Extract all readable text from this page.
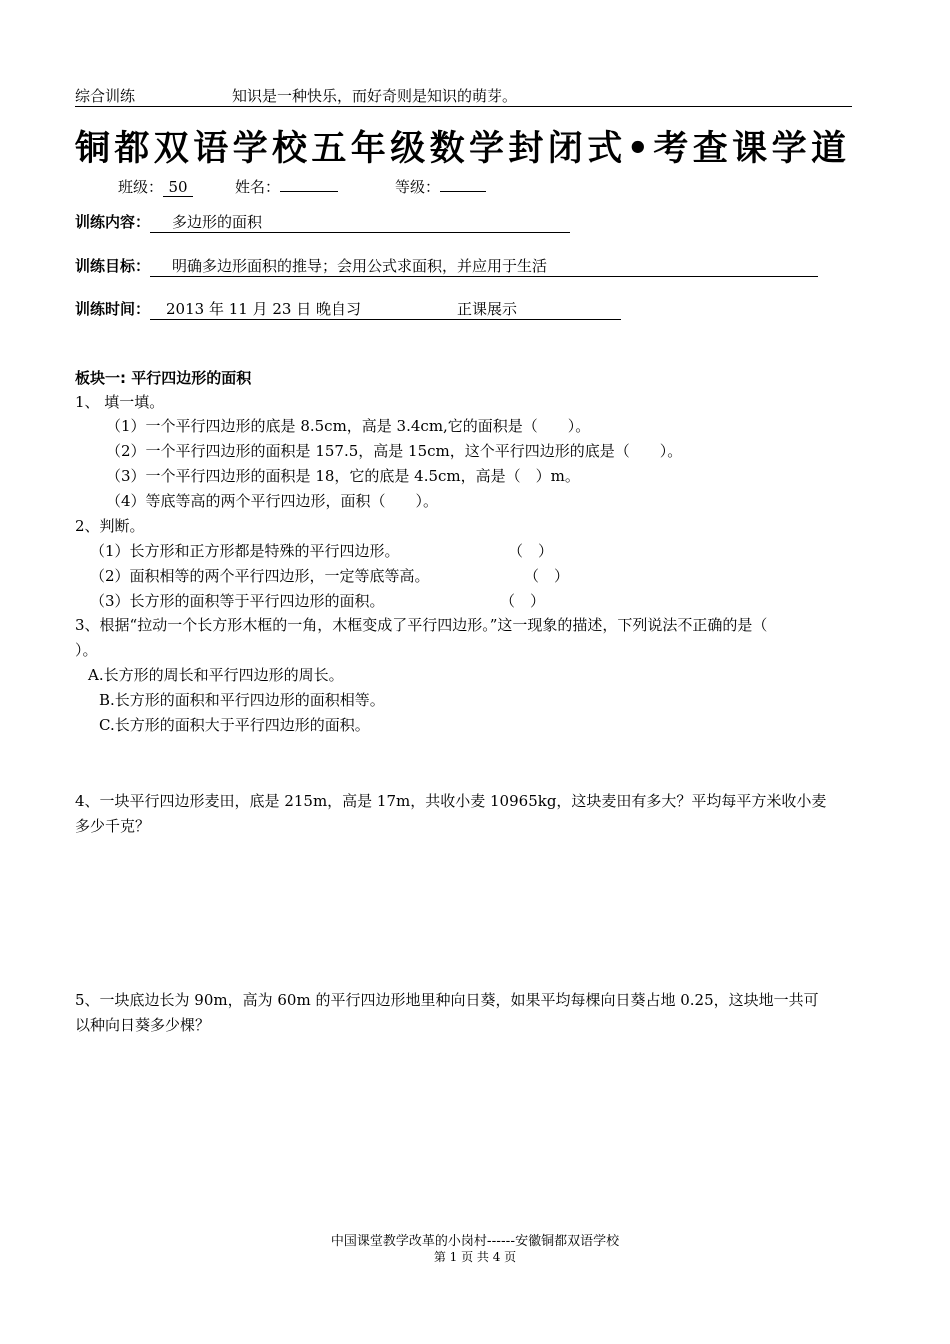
综合训练	知识是一种快乐，而好奇则是知识的萌芽。
铜都双语学校五年级数学封闭式•考查课学道
班级： 50	姓名：	等级：
训练内容： 多边形的面积
训练目标： 明确多边形面积的推导；会用公式求面积，并应用于生活
训练时间： 2013 年 11 月 23 日 晚自习	正课展示
板块一: 平行四边形的面积
1、 填一填。
（1）一个平行四边形的底是 8.5cm，高是 3.4cm,它的面积是（　　）。
（2）一个平行四边形的面积是 157.5，高是 15cm，这个平行四边形的底是（　　）。
（3）一个平行四边形的面积是 18，它的底是 4.5cm，高是（　）m。
（4）等底等高的两个平行四边形，面积（　　）。
2、判断。
（1）长方形和正方形都是特殊的平行四边形。	（　）
（2）面积相等的两个平行四边形，一定等底等高。	（　）
（3）长方形的面积等于平行四边形的面积。	（　）
3、根据“拉动一个长方形木框的一角，木框变成了平行四边形。”这一现象的描述，下列说法不正确的是（
）。
A.长方形的周长和平行四边形的周长。
B.长方形的面积和平行四边形的面积相等。
C.长方形的面积大于平行四边形的面积。
4、一块平行四边形麦田，底是 215m，高是 17m，共收小麦 10965kg，这块麦田有多大？平均每平方米收小麦
多少千克？
5、一块底边长为 90m，高为 60m 的平行四边形地里种向日葵，如果平均每棵向日葵占地 0.25，这块地一共可
以种向日葵多少棵？
中国课堂教学改革的小岗村------安徽铜都双语学校
第 1 页 共 4 页
